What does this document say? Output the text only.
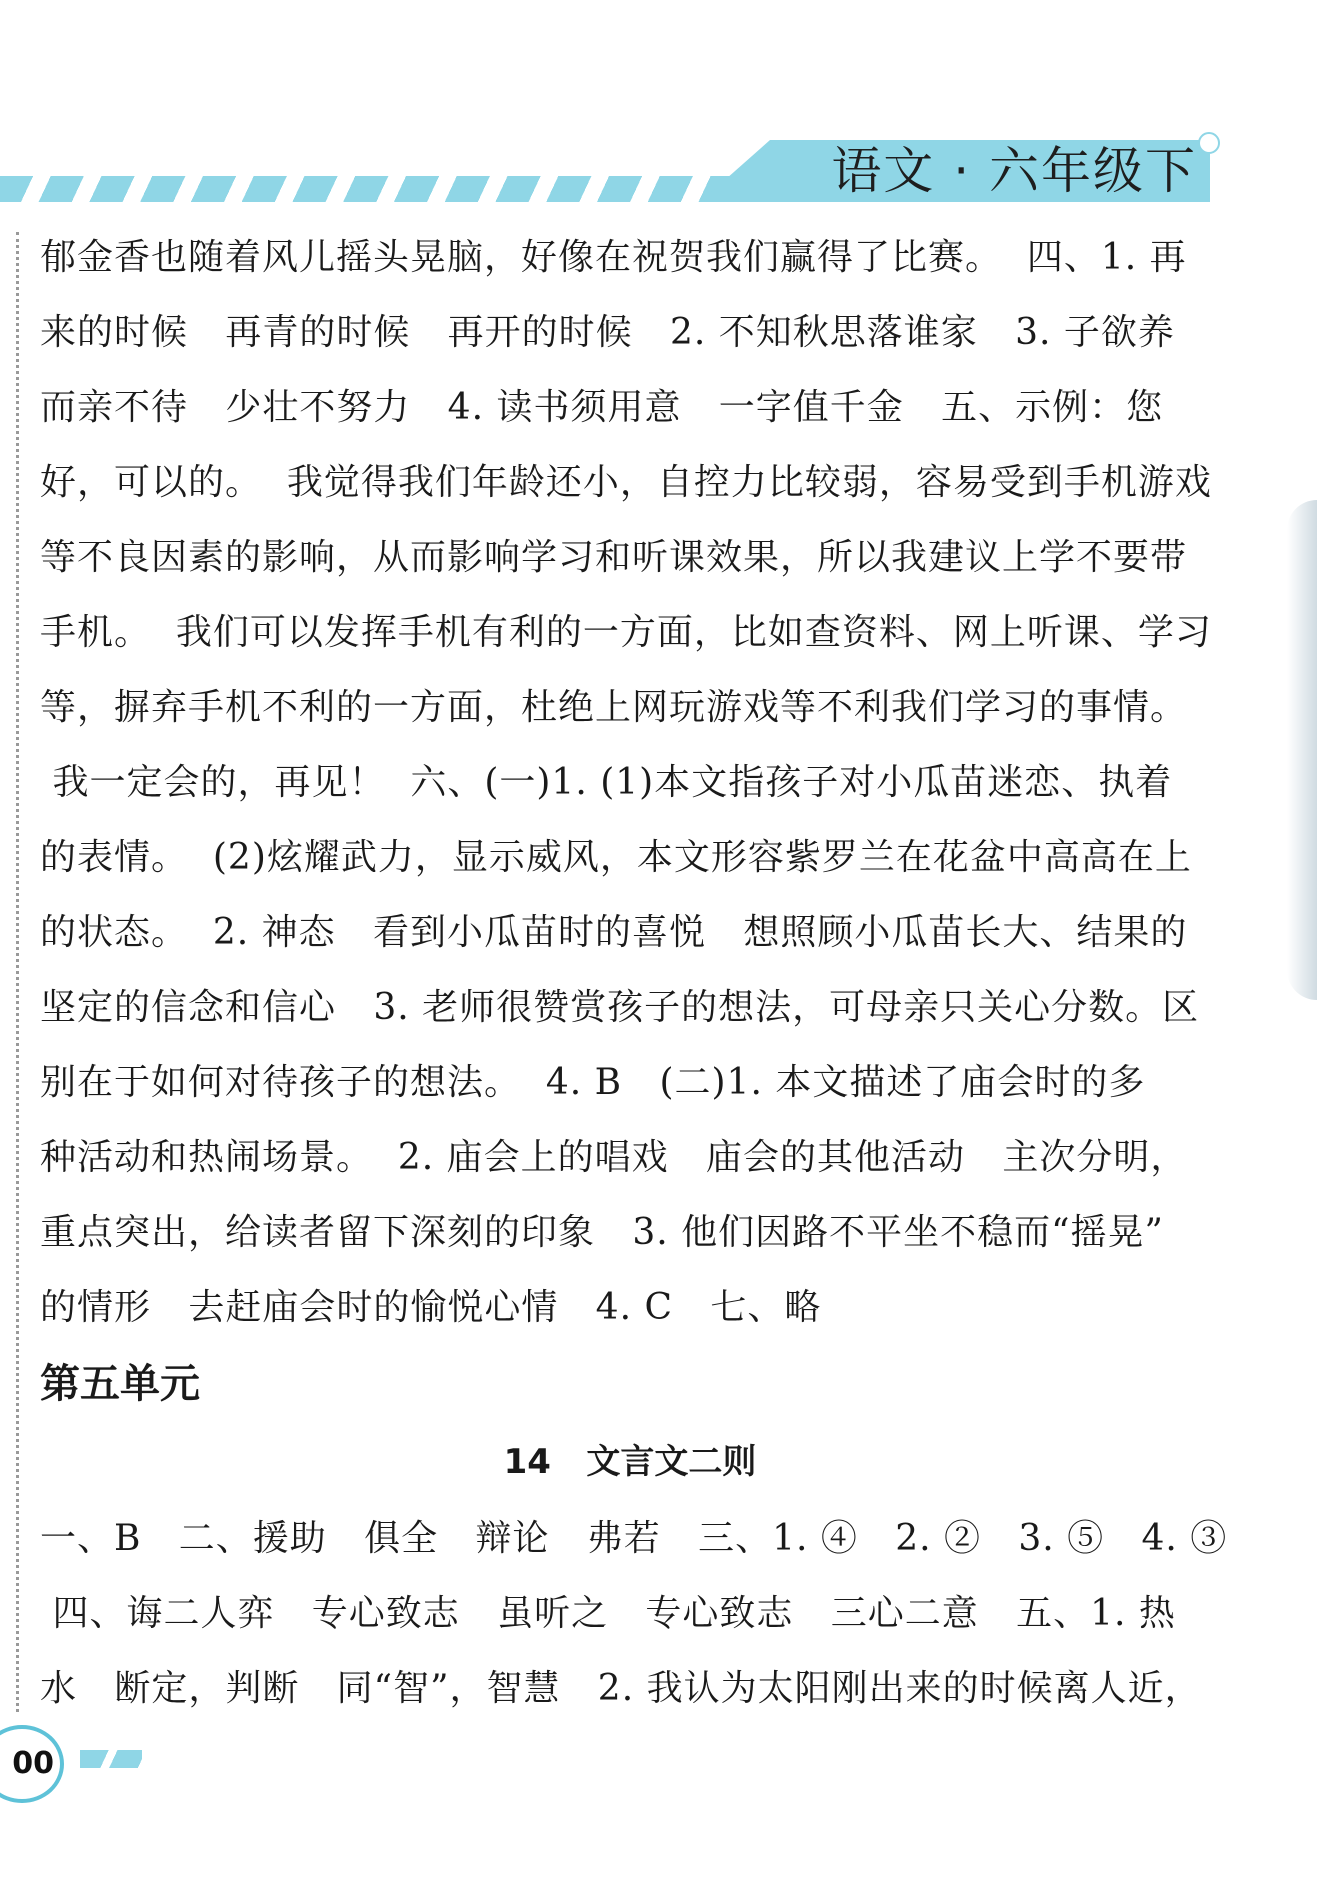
语文 · 六年级下
郁金香也随着风儿摇头晃脑，好像在祝贺我们赢得了比赛。  四、1. 再
来的时候   再青的时候   再开的时候   2. 不知秋思落谁家   3. 子欲养
而亲不待   少壮不努力   4. 读书须用意   一字值千金   五、示例：您
好，可以的。  我觉得我们年龄还小，自控力比较弱，容易受到手机游戏
等不良因素的影响，从而影响学习和听课效果，所以我建议上学不要带
手机。  我们可以发挥手机有利的一方面，比如查资料、网上听课、学习
等，摒弃手机不利的一方面，杜绝上网玩游戏等不利我们学习的事情。
我一定会的，再见！  六、(一)1. (1)本文指孩子对小瓜苗迷恋、执着
的表情。  (2)炫耀武力，显示威风，本文形容紫罗兰在花盆中高高在上
的状态。  2. 神态   看到小瓜苗时的喜悦   想照顾小瓜苗长大、结果的
坚定的信念和信心   3. 老师很赞赏孩子的想法，可母亲只关心分数。区
别在于如何对待孩子的想法。  4. B   (二)1. 本文描述了庙会时的多
种活动和热闹场景。  2. 庙会上的唱戏   庙会的其他活动   主次分明，
重点突出，给读者留下深刻的印象   3. 他们因路不平坐不稳而“摇晃”
的情形   去赶庙会时的愉悦心情   4. C   七、略
第五单元
14   文言文二则
一、B   二、援助   俱全   辩论   弗若   三、1. ④   2. ②   3. ⑤   4. ③
四、诲二人弈   专心致志   虽听之   专心致志   三心二意   五、1. 热
水   断定，判断   同“智”，智慧   2. 我认为太阳刚出来的时候离人近，
00
